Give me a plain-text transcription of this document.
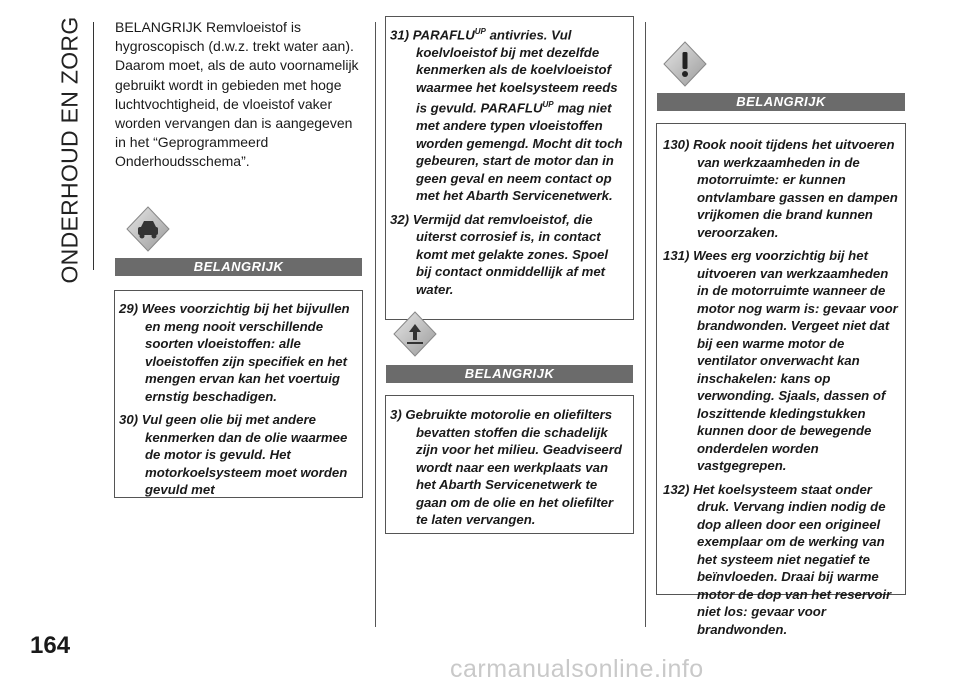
ONDERHOUD EN ZORG BELANGRIJK Remvloeistof is hygroscopisch (d.w.z. trekt water aan). Daarom moet, als de auto voornamelijk gebruikt wordt in gebieden met hoge luchtvochtigheid, de vloeistof vaker worden vervangen dan is aangegeven in het “Geprogrammeerd Onderhoudsschema”.

BELANGRIJK
29) Wees voorzichtig bij het bijvullen en meng nooit verschillende soorten vloeistoffen: alle vloeistoffen zijn specifiek en het mengen ervan kan het voertuig ernstig beschadigen.
30) Vul geen olie bij met andere kenmerken dan de olie waarmee de motor is gevuld. Het motorkoelsysteem moet worden gevuld met
31) $PARAFLU^{UP}$ antivries. Vul koelvloeistof bij met dezelfde kenmerken als de koelvloeistof waarmee het koelsysteem reeds is gevuld. $PARAFLU^{UP}$ mag niet met andere typen vloeistoffen worden gemengd. Mocht dit toch gebeuren, start de motor dan in geen geval en neem contact op met het Abarth Servicenetwerk.
32) Vermijd dat remvloeistof, die uiterst corrosief is, in contact komt met gelakte zones. Spoel bij contact onmiddellijk af met water.
BELANGRIJK
3) Gebruikte motorolie en oliefilters bevatten stoffen die schadelijk zijn voor het milieu. Geadviseerd wordt naar een werkplaats van het Abarth Servicenetwerk te gaan om de olie en het oliefilter te laten vervangen.
BELANGRIJK
130) Rook nooit tijdens het uitvoeren van werkzaamheden in de motorruimte: er kunnen ontvlambare gassen en dampen vrijkomen die brand kunnen veroorzaken.
131) Wees erg voorzichtig bij het uitvoeren van werkzaamheden in de motorruimte wanneer de motor nog warm is: gevaar voor brandwonden. Vergeet niet dat bij een warme motor de ventilator onverwacht kan inschakelen: kans op verwonding. Sjaals, dassen of loszittende kledingstukken kunnen door de bewegende onderdelen worden vastgegrepen.
132) Het koelsysteem staat onder druk. Vervang indien nodig de dop alleen door een origineel exemplaar om de werking van het systeem niet negatief te beïnvloeden. Draai bij warme motor de dop van het reservoir niet los: gevaar voor brandwonden.
164
carmanualsonline.info
